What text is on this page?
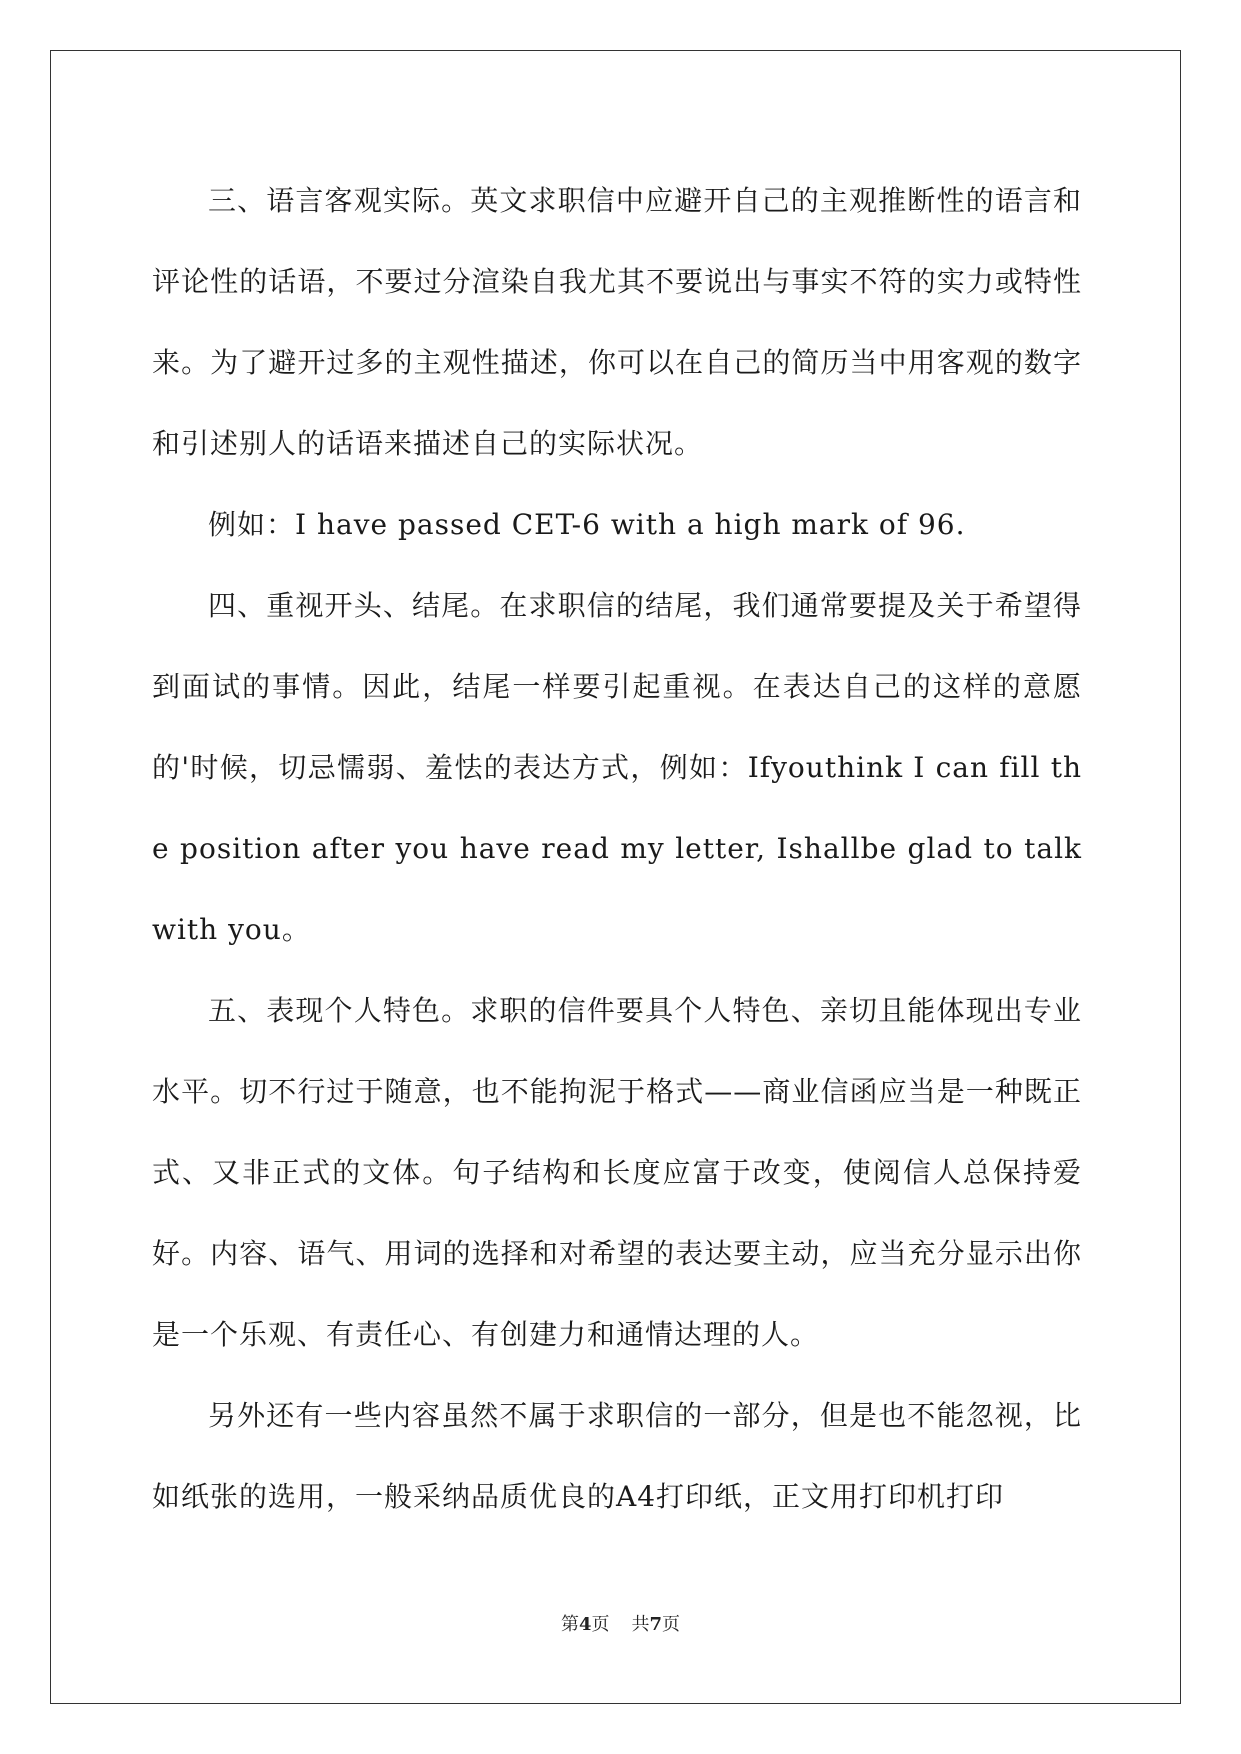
三、语言客观实际。英文求职信中应避开自己的主观推断性的语言和评论性的话语，不要过分渲染自我尤其不要说出与事实不符的实力或特性来。为了避开过多的主观性描述，你可以在自己的简历当中用客观的数字和引述别人的话语来描述自己的实际状况。

例如：I have passed CET-6 with a high mark of 96.

四、重视开头、结尾。在求职信的结尾，我们通常要提及关于希望得到面试的事情。因此，结尾一样要引起重视。在表达自己的这样的意愿的'时候，切忌懦弱、羞怯的表达方式，例如：Ifyouthink I can fill the position after you have read my letter, Ishallbe glad to talk with you。

五、表现个人特色。求职的信件要具个人特色、亲切且能体现出专业水平。切不行过于随意，也不能拘泥于格式——商业信函应当是一种既正式、又非正式的文体。句子结构和长度应富于改变，使阅信人总保持爱好。内容、语气、用词的选择和对希望的表达要主动，应当充分显示出你是一个乐观、有责任心、有创建力和通情达理的人。

另外还有一些内容虽然不属于求职信的一部分，但是也不能忽视，比如纸张的选用，一般采纳品质优良的A4打印纸，正文用打印机打印

第4页 共7页
